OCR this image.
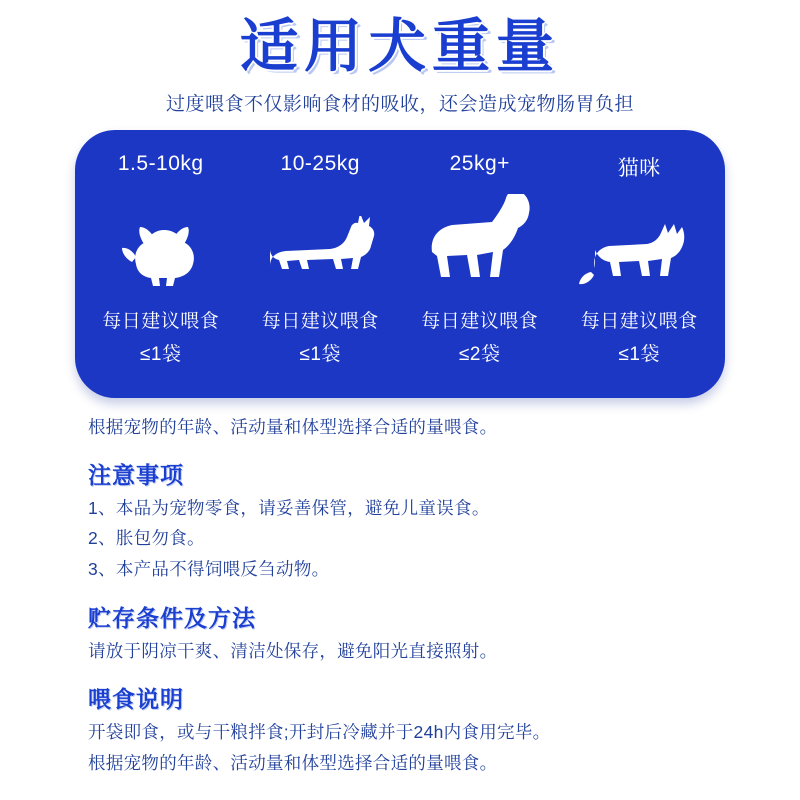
适用犬重量
过度喂食不仅影响食材的吸收，还会造成宠物肠胃负担
1.5-10kg
每日建议喂食
≤1袋
10-25kg
每日建议喂食
≤1袋
25kg+
每日建议喂食
≤2袋
猫咪
每日建议喂食
≤1袋
根据宠物的年龄、活动量和体型选择合适的量喂食。
注意事项
1、本品为宠物零食，请妥善保管，避免儿童误食。
2、胀包勿食。
3、本产品不得饲喂反刍动物。
贮存条件及方法
请放于阴凉干爽、清洁处保存，避免阳光直接照射。
喂食说明
开袋即食，或与干粮拌食;开封后冷藏并于24h内食用完毕。
根据宠物的年龄、活动量和体型选择合适的量喂食。
